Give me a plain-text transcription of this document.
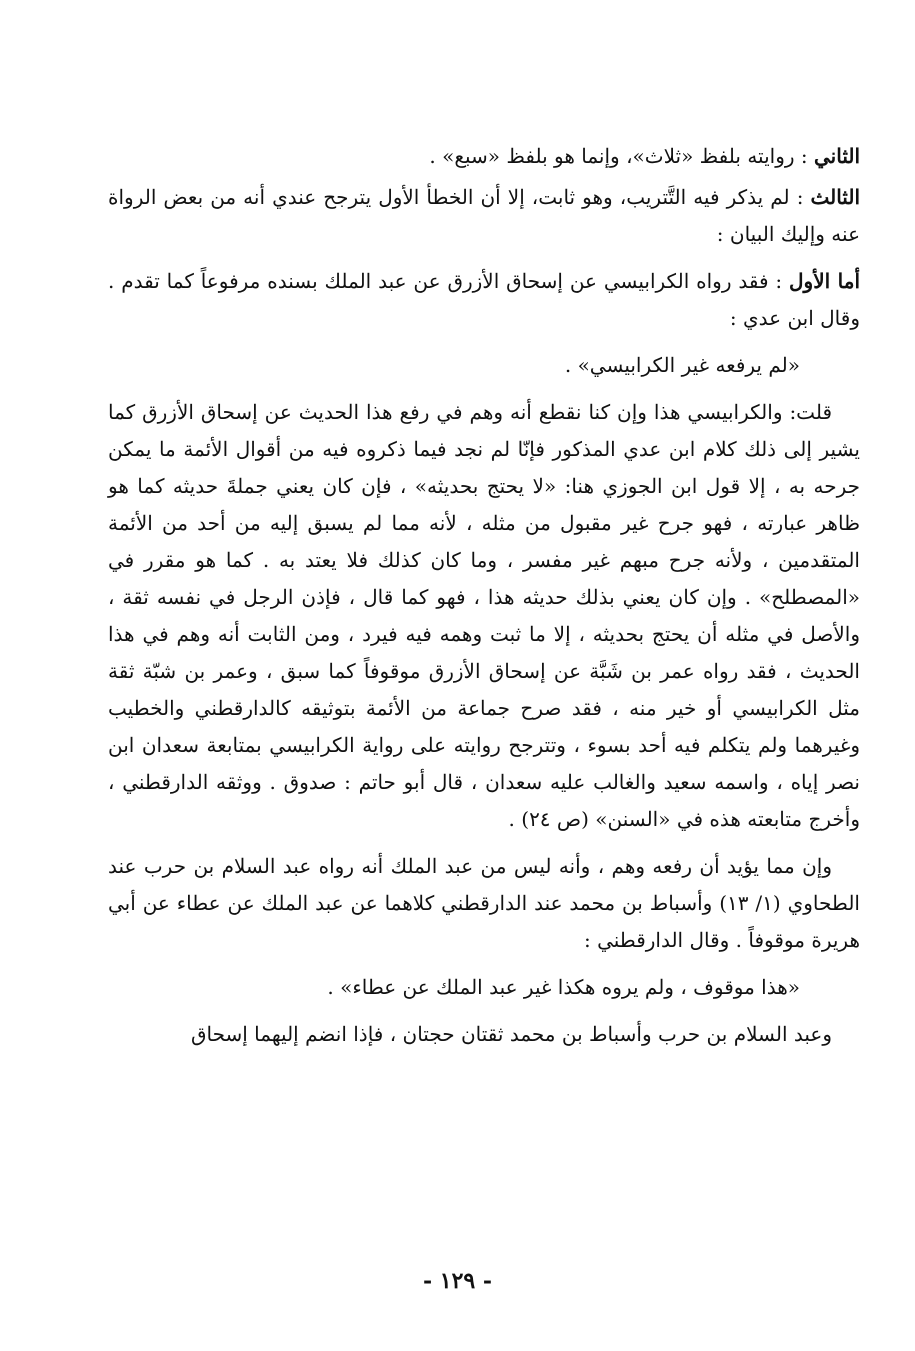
الثاني : روايته بلفظ «ثلاث»، وإنما هو بلفظ «سبع» .

الثالث : لم يذكر فيه التَّتريب، وهو ثابت، إلا أن الخطأ الأول يترجح عندي أنه من بعض الرواة عنه وإليك البيان :

أما الأول : فقد رواه الكرابيسي عن إسحاق الأزرق عن عبد الملك بسنده مرفوعاً كما تقدم . وقال ابن عدي :

«لم يرفعه غير الكرابيسي» .

قلت: والكرابيسي هذا وإن كنا نقطع أنه وهم في رفع هذا الحديث عن إسحاق الأزرق كما يشير إلى ذلك كلام ابن عدي المذكور فإنّا لم نجد فيما ذكروه فيه من أقوال الأئمة ما يمكن جرحه به ، إلا قول ابن الجوزي هنا: «لا يحتج بحديثه» ، فإن كان يعني جملةَ حديثه كما هو ظاهر عبارته ، فهو جرح غير مقبول من مثله ، لأنه مما لم يسبق إليه من أحد من الأئمة المتقدمين ، ولأنه جرح مبهم غير مفسر ، وما كان كذلك فلا يعتد به . كما هو مقرر في «المصطلح» . وإن كان يعني بذلك حديثه هذا ، فهو كما قال ، فإذن الرجل في نفسه ثقة ، والأصل في مثله أن يحتج بحديثه ، إلا ما ثبت وهمه فيه فيرد ، ومن الثابت أنه وهم في هذا الحديث ، فقد رواه عمر بن شَبَّة عن إسحاق الأزرق موقوفاً كما سبق ، وعمر بن شبّة ثقة مثل الكرابيسي أو خير منه ، فقد صرح جماعة من الأئمة بتوثيقه كالدارقطني والخطيب وغيرهما ولم يتكلم فيه أحد بسوء ، وتترجح روايته على رواية الكرابيسي بمتابعة سعدان ابن نصر إياه ، واسمه سعيد والغالب عليه سعدان ، قال أبو حاتم : صدوق . ووثقه الدارقطني ، وأخرج متابعته هذه في «السنن» (ص ٢٤) .

وإن مما يؤيد أن رفعه وهم ، وأنه ليس من عبد الملك أنه رواه عبد السلام بن حرب عند الطحاوي (١/ ١٣) وأسباط بن محمد عند الدارقطني كلاهما عن عبد الملك عن عطاء عن أبي هريرة موقوفاً . وقال الدارقطني :

«هذا موقوف ، ولم يروه هكذا غير عبد الملك عن عطاء» .

وعبد السلام بن حرب وأسباط بن محمد ثقتان حجتان ، فإذا انضم إليهما إسحاق

- ١٢٩ -
